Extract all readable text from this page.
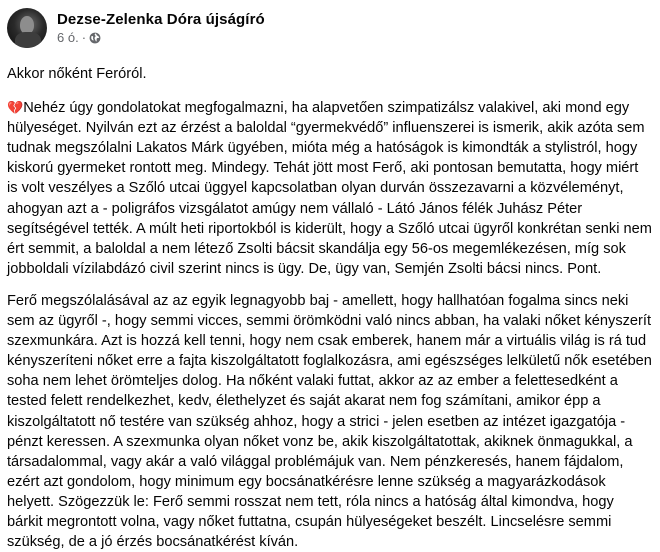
Dezse-Zelenka Dóra újságíró
6 ó. ·

Akkor nőként Feróról.

💔Nehéz úgy gondolatokat megfogalmazni, ha alapvetően szimpatizálsz valakivel, aki mond egy hülyeséget. Nyilván ezt az érzést a baloldal “gyermekvédő” influenszerei is ismerik, akik azóta sem tudnak megszólalni Lakatos Márk ügyében, mióta még a hatóságok is kimondták a stylistról, hogy kiskorú gyermeket rontott meg. Mindegy. Tehát jött most Ferő, aki pontosan bemutatta, hogy miért is volt veszélyes a Szőló utcai üggyel kapcsolatban olyan durván összezavarni a közvéleményt, ahogyan azt a - poligráfos vizsgálatot amúgy nem vállaló - Látó János félék Juhász Péter segítségével tették. A múlt heti riportokból is kiderült, hogy a Szőló utcai ügyről konkrétan senki nem ért semmit, a baloldal a nem létező Zsolti bácsit skandálja egy 56-os megemlékezésen, míg sok jobboldali vízilabdázó civil szerint nincs is ügy. De, ügy van, Semjén Zsolti bácsi nincs. Pont.

Ferő megszólalásával az az egyik legnagyobb baj - amellett, hogy hallhatóan fogalma sincs neki sem az ügyről -, hogy semmi vicces, semmi örömködni való nincs abban, ha valaki nőket kényszerít szexmunkára. Azt is hozzá kell tenni, hogy nem csak emberek, hanem már a virtuális világ is rá tud kényszeríteni nőket erre a fajta kiszolgáltatott foglalkozásra, ami egészséges lelkületű nők esetében soha nem lehet örömteljes dolog. Ha nőként valaki futtat, akkor az az ember a felettesedként a tested felett rendelkezhet, kedv, élethelyzet és saját akarat nem fog számítani, amikor épp a kiszolgáltatott nő testére van szükség ahhoz, hogy a strici - jelen esetben az intézet igazgatója - pénzt keressen. A szexmunka olyan nőket vonz be, akik kiszolgáltatottak, akiknek önmagukkal, a társadalommal, vagy akár a való világgal problémájuk van. Nem pénzkeresés, hanem fájdalom, ezért azt gondolom, hogy minimum egy bocsánatkérésre lenne szükség a magyarázkodások helyett. Szögezzük le: Ferő semmi rosszat nem tett, róla nincs a hatóság által kimondva, hogy bárkit megrontott volna, vagy nőket futtatna, csupán hülyeségeket beszélt. Lincselésre semmi szükség, de a jó érzés bocsánatkérést kíván.
